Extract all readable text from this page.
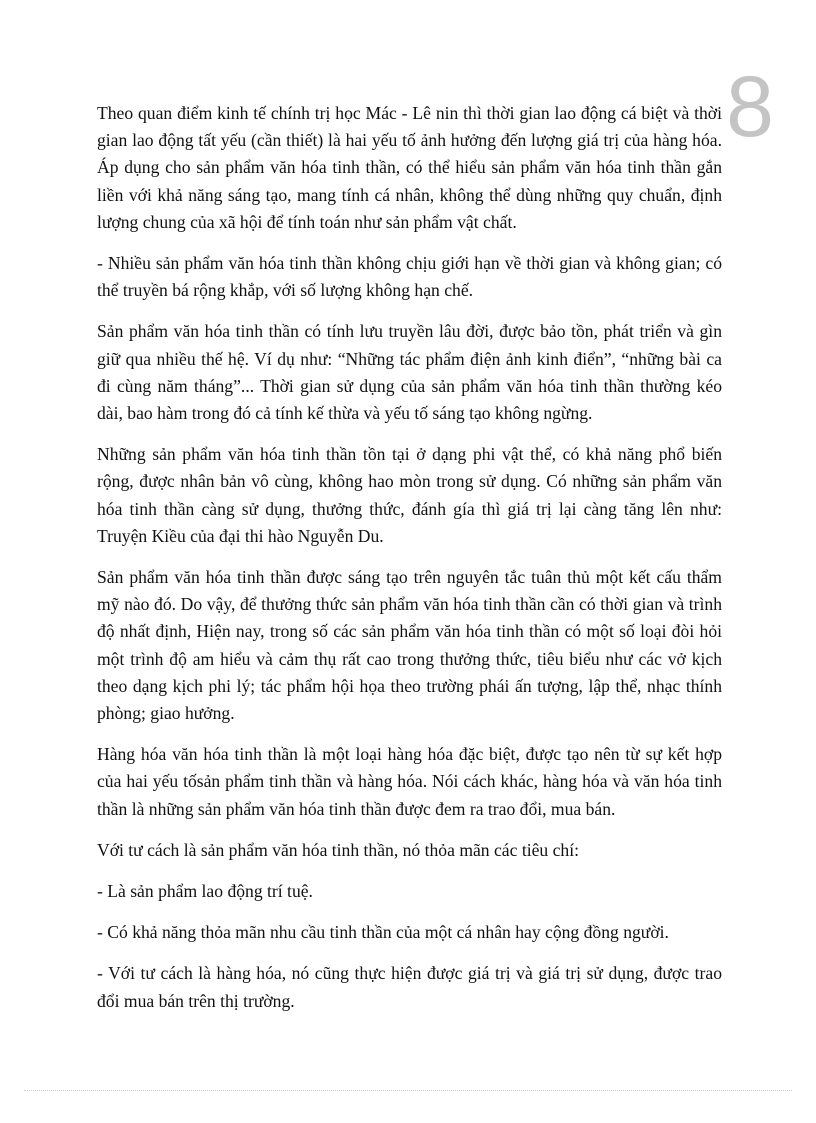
8

Theo quan điểm kinh tế chính trị học Mác - Lê nin thì thời gian lao động cá biệt và thời gian lao động tất yếu (cần thiết) là hai yếu tố ảnh hưởng đến lượng giá trị của hàng hóa. Áp dụng cho sản phẩm văn hóa tinh thần, có thể hiểu sản phẩm văn hóa tinh thần gắn liền với khả năng sáng tạo, mang tính cá nhân, không thể dùng những quy chuẩn, định lượng chung của xã hội để tính toán như sản phẩm vật chất.

- Nhiều sản phẩm văn hóa tinh thần không chịu giới hạn về thời gian và không gian; có thể truyền bá rộng khắp, với số lượng không hạn chế.

Sản phẩm văn hóa tinh thần có tính lưu truyền lâu đời, được bảo tồn, phát triển và gìn giữ qua nhiều thế hệ. Ví dụ như: “Những tác phẩm điện ảnh kinh điển”, “những bài ca đi cùng năm tháng”... Thời gian sử dụng của sản phẩm văn hóa tinh thần thường kéo dài, bao hàm trong đó cả tính kế thừa và yếu tố sáng tạo không ngừng.

Những sản phẩm văn hóa tinh thần tồn tại ở dạng phi vật thể, có khả năng phổ biến rộng, được nhân bản vô cùng, không hao mòn trong sử dụng. Có những sản phẩm văn hóa tinh thần càng sử dụng, thưởng thức, đánh gía thì giá trị lại càng tăng lên như: Truyện Kiều của đại thi hào Nguyễn Du.

Sản phẩm văn hóa tinh thần được sáng tạo trên nguyên tắc tuân thủ một kết cấu thẩm mỹ nào đó. Do vậy, để thưởng thức sản phẩm văn hóa tinh thần cần có thời gian và trình độ nhất định, Hiện nay, trong số các sản phẩm văn hóa tinh thần có một số loại đòi hỏi một trình độ am hiểu và cảm thụ rất cao trong thưởng thức, tiêu biểu như các vở kịch theo dạng kịch phi lý; tác phẩm hội họa theo trường phái ấn tượng, lập thể, nhạc thính phòng; giao hưởng.

Hàng hóa văn hóa tinh thần là một loại hàng hóa đặc biệt, được tạo nên từ sự kết hợp của hai yếu tốsản phẩm tinh thần và hàng hóa. Nói cách khác, hàng hóa và văn hóa tinh thần là những sản phẩm văn hóa tinh thần được đem ra trao đổi, mua bán.

Với tư cách là sản phẩm văn hóa tinh thần, nó thỏa mãn các tiêu chí:

- Là sản phẩm lao động trí tuệ.

- Có khả năng thỏa mãn nhu cầu tinh thần của một cá nhân hay cộng đồng người.

- Với tư cách là hàng hóa, nó cũng thực hiện được giá trị và giá trị sử dụng, được trao đổi mua bán trên thị trường.
